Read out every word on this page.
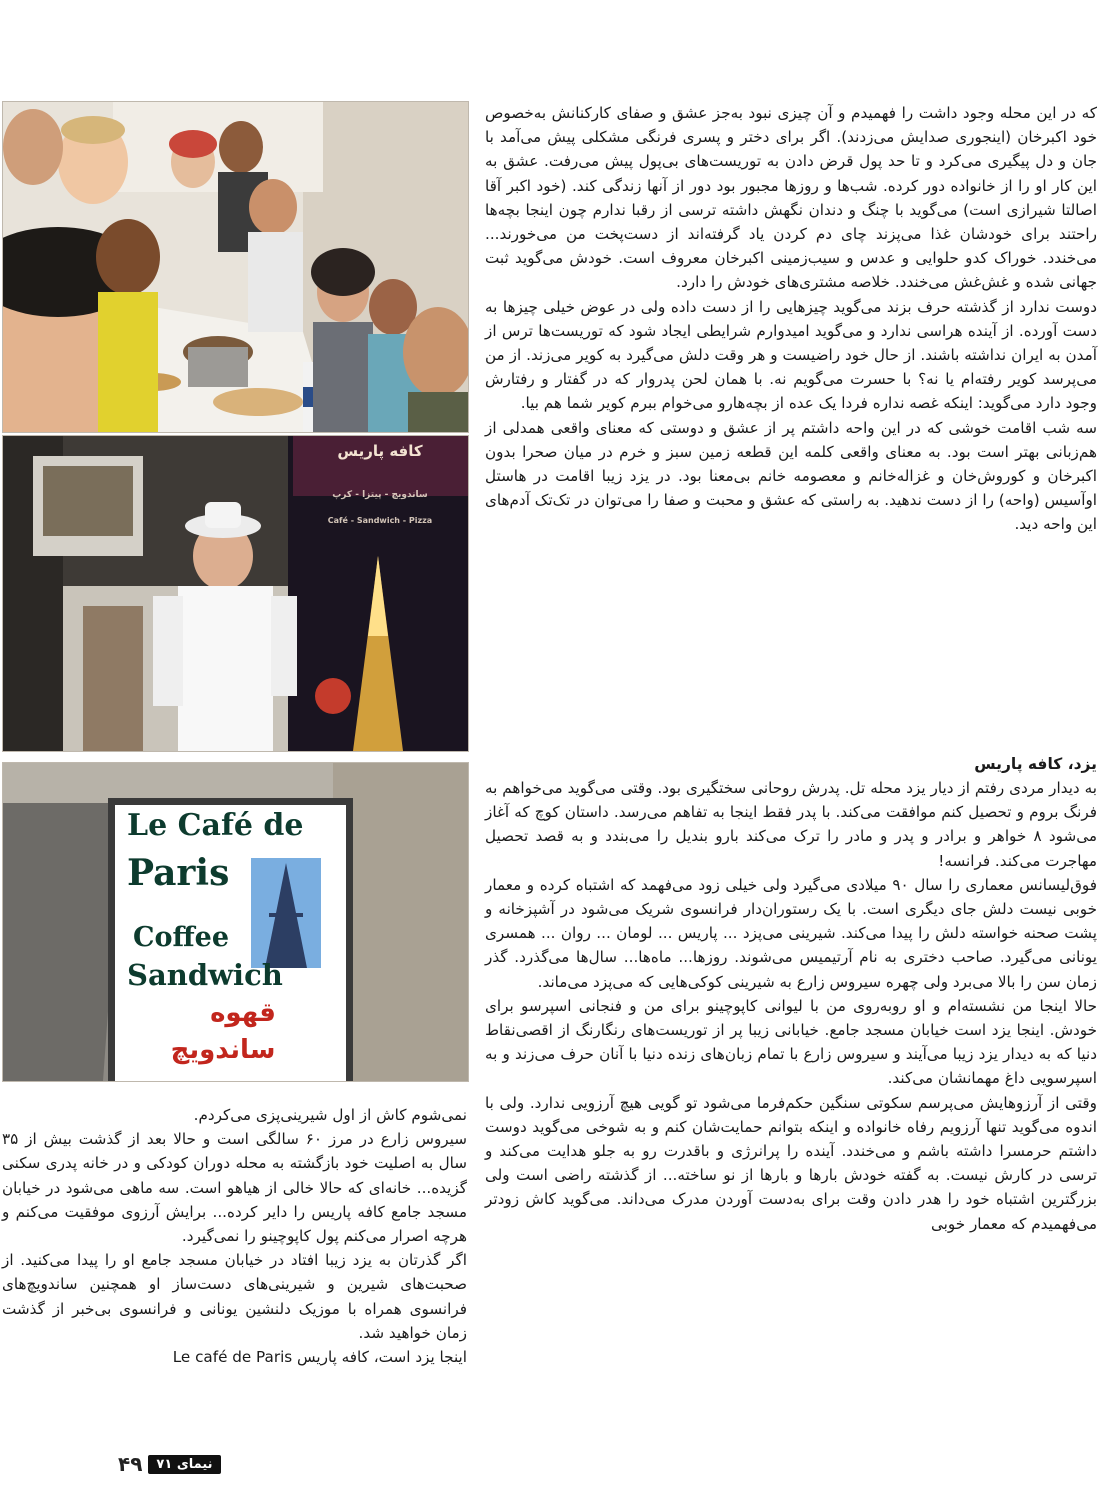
کافه پاریس
ساندویچ - پیتزا - کرپ
Café - Sandwich - Pizza
Le Café de
Paris
Coffee
Sandwich
قهوه
ساندویچ

که در این محله وجود داشت را فهمیدم و آن چیزی نبود به‌جز عشق و صفای کارکنانش به‌خصوص خود اکبرخان (اینجوری صدایش می‌زدند). اگر برای دختر و پسری فرنگی مشکلی پیش می‌آمد با جان و دل پیگیری می‌کرد و تا حد پول قرض دادن به توریست‌های بی‌پول پیش می‌رفت. عشق به این کار او را از خانواده دور کرده. شب‌ها و روزها مجبور بود دور از آنها زندگی کند. (خود اکبر آقا اصالتا شیرازی است) می‌گوید با چنگ و دندان نگهش داشته ترسی از رقبا ندارم چون اینجا بچه‌ها راحتند برای خودشان غذا می‌پزند چای دم کردن یاد گرفته‌اند از دست‌پخت من می‌خورند... می‌خندد. خوراک کدو حلوایی و عدس و سیب‌زمینی اکبرخان معروف است. خودش می‌گوید ثبت جهانی شده و غش‌غش می‌خندد. خلاصه مشتری‌های خودش را دارد.

دوست ندارد از گذشته حرف بزند می‌گوید چیزهایی را از دست داده ولی در عوض خیلی چیزها به دست آورده. از آینده هراسی ندارد و می‌گوید امیدوارم شرایطی ایجاد شود که توریست‌ها ترس از آمدن به ایران نداشته باشند. از حال خود راضیست و هر وقت دلش می‌گیرد به کویر می‌زند. از من می‌پرسد کویر رفته‌ام یا نه؟ با حسرت می‌گویم نه. با همان لحن پدروار که در گفتار و رفتارش وجود دارد می‌گوید: اینکه غصه نداره فردا یک عده از بچه‌هارو می‌خوام ببرم کویر شما هم بیا.

سه شب اقامت خوشی که در این واحه داشتم پر از عشق و دوستی که معنای واقعی همدلی از هم‌زبانی بهتر است بود. به معنای واقعی کلمه این قطعه زمین سبز و خرم در میان صحرا بدون اکبرخان و کوروش‌خان و غزاله‌خانم و معصومه خانم بی‌معنا بود. در یزد زیبا اقامت در هاستل اوآسیس (واحه) را از دست ندهید. به راستی که عشق و محبت و صفا را می‌توان در تک‌تک آدم‌های این واحه دید.

یزد، کافه پاریس

به دیدار مردی رفتم از دیار یزد محله تل. پدرش روحانی سختگیری بود. وقتی می‌گوید می‌خواهم به فرنگ بروم و تحصیل کنم موافقت می‌کند. با پدر فقط اینجا به تفاهم می‌رسد. داستان کوچ که آغاز می‌شود ۸ خواهر و برادر و پدر و مادر را ترک می‌کند بارو بندیل را می‌بندد و به قصد تحصیل مهاجرت می‌کند. فرانسه!

فوق‌لیسانس معماری را سال ۹۰ میلادی می‌گیرد ولی خیلی زود می‌فهمد که اشتباه کرده و معمار خوبی نیست دلش جای دیگری است. با یک رستوران‌دار فرانسوی شریک می‌شود در آشپزخانه و پشت صحنه خواسته دلش را پیدا می‌کند. شیرینی می‌پزد ... پاریس ... لومان ... روان ... همسری یونانی می‌گیرد. صاحب دختری به نام آرتیمیس می‌شوند. روزها... ماه‌ها... سال‌ها می‌گذرد. گذر زمان سن را بالا می‌برد ولی چهره سیروس زارع به شیرینی کوکی‌هایی که می‌پزد می‌ماند.

حالا اینجا من نشسته‌ام و او روبه‌روی من با لیوانی کاپوچینو برای من و فنجانی اسپرسو برای خودش. اینجا یزد است خیابان مسجد جامع. خیابانی زیبا پر از توریست‌های رنگارنگ از اقصی‌نقاط دنیا که به دیدار یزد زیبا می‌آیند و سیروس زارع با تمام زبان‌های زنده دنیا با آنان حرف می‌زند و به اسپرسویی داغ مهمانشان می‌کند.

وقتی از آرزوهایش می‌پرسم سکوتی سنگین حکم‌فرما می‌شود تو گویی هیچ آرزویی ندارد. ولی با اندوه می‌گوید تنها آرزویم رفاه خانواده و اینکه بتوانم حمایت‌شان کنم و به شوخی می‌گوید دوست داشتم حرمسرا داشته باشم و می‌خندد. آینده را پرانرژی و باقدرت رو به جلو هدایت می‌کند و ترسی در کارش نیست. به گفته خودش بارها و بارها از نو ساخته... از گذشته راضی است ولی بزرگترین اشتباه خود را هدر دادن وقت برای به‌دست آوردن مدرک می‌داند. می‌گوید کاش زودتر می‌فهمیدم که معمار خوبی

نمی‌شوم کاش از اول شیرینی‌پزی می‌کردم.

سیروس زارع در مرز ۶۰ سالگی است و حالا بعد از گذشت بیش از ۳۵ سال به اصلیت خود بازگشته به محله دوران کودکی و در خانه پدری سکنی گزیده... خانه‌ای که حالا خالی از هیاهو است. سه ماهی می‌شود در خیابان مسجد جامع کافه پاریس را دایر کرده... برایش آرزوی موفقیت می‌کنم و هرچه اصرار می‌کنم پول کاپوچینو را نمی‌گیرد.

اگر گذرتان به یزد زیبا افتاد در خیابان مسجد جامع او را پیدا می‌کنید. از صحبت‌های شیرین و شیرینی‌های دست‌ساز او همچنین ساندویچ‌های فرانسوی همراه با موزیک دلنشین یونانی و فرانسوی بی‌خبر از گذشت زمان خواهید شد.

اینجا یزد است، کافه پاریس Le café de Paris

۴۹	نیمای ۷۱
